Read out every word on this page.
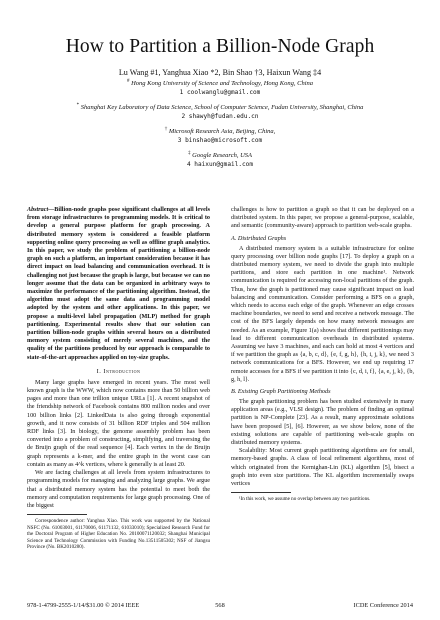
How to Partition a Billion-Node Graph
Lu Wang #1, Yanghua Xiao *2, Bin Shao †3, Haixun Wang ‡4
# Hong Kong University of Science and Technology, Hong Kong, China
1 coolwanglu@gmail.com
* Shanghai Key Laboratory of Data Science, School of Computer Science, Fudan University, Shanghai, China
2 shawyh@fudan.edu.cn
† Microsoft Research Asia, Beijing, China,
3 binshao@microsoft.com
‡ Google Research, USA
4 haixun@gmail.com

Abstract—Billion-node graphs pose significant challenges at all levels from storage infrastructures to programming models. It is critical to develop a general purpose platform for graph processing. A distributed memory system is considered a feasible platform supporting online query processing as well as offline graph analytics. In this paper, we study the problem of partitioning a billion-node graph on such a platform, an important consideration because it has direct impact on load balancing and communication overhead. It is challenging not just because the graph is large, but because we can no longer assume that the data can be organized in arbitrary ways to maximize the performance of the partitioning algorithm. Instead, the algorithm must adopt the same data and programming model adopted by the system and other applications. In this paper, we propose a multi-level label propagation (MLP) method for graph partitioning. Experimental results show that our solution can partition billion-node graphs within several hours on a distributed memory system consisting of merely several machines, and the quality of the partitions produced by our approach is comparable to state-of-the-art approaches applied on toy-size graphs.

I. Introduction

Many large graphs have emerged in recent years. The most well known graph is the WWW, which now contains more than 50 billion web pages and more than one trillion unique URLs [1]. A recent snapshot of the friendship network of Facebook contains 800 million nodes and over 100 billion links [2]. LinkedData is also going through exponential growth, and it now consists of 31 billion RDF triples and 504 million RDF links [3]. In biology, the genome assembly problem has been converted into a problem of constructing, simplifying, and traversing the de Bruijn graph of the read sequence [4]. Each vertex in the de Bruijn graph represents a k-mer, and the entire graph in the worst case can contain as many as 4^k vertices, where k generally is at least 20.

We are facing challenges at all levels from system infrastructures to programming models for managing and analyzing large graphs. We argue that a distributed memory system has the potential to meet both the memory and computation requirements for large graph processing. One of the biggest

Correspondence author: Yanghua Xiao. This work was supported by the National NSFC (No. 61003001, 61170006, 61171132, 61033010); Specialized Research Fund for the Doctoral Program of Higher Education No. 20100071120032; Shanghai Municipal Science and Technology Commission with Funding No.13511505302; NSF of Jiangsu Province (No. BK2010280).

challenges is how to partition a graph so that it can be deployed on a distributed system. In this paper, we propose a general-purpose, scalable, and semantic (community-aware) approach to partition web-scale graphs.

A. Distributed Graphs

A distributed memory system is a suitable infrastructure for online query processing over billion node graphs [17]. To deploy a graph on a distributed memory system, we need to divide the graph into multiple partitions, and store each partition in one machine¹. Network communication is required for accessing non-local partitions of the graph. Thus, how the graph is partitioned may cause significant impact on load balancing and communication. Consider performing a BFS on a graph, which needs to access each edge of the graph. Whenever an edge crosses machine boundaries, we need to send and receive a network message. The cost of the BFS largely depends on how many network messages are needed. As an example, Figure 1(a) shows that different partitionings may lead to different communication overheads in distributed systems. Assuming we have 3 machines, and each can hold at most 4 vertices and if we partition the graph as {a, b, c, d}, {e, f, g, h}, {h, i, j, k}, we need 3 network communications for a BFS. However, we end up requiring 17 remote accesses for a BFS if we partition it into {c, d, i, f}, {a, e, j, k}, {b, g, h, l}.

B. Existing Graph Partitioning Methods

The graph partitioning problem has been studied extensively in many application areas (e.g., VLSI design). The problem of finding an optimal partition is NP-Complete [23]. As a result, many approximate solutions have been proposed [5], [6]. However, as we show below, none of the existing solutions are capable of partitioning web-scale graphs on distributed memory systems.

Scalability: Most current graph partitioning algorithms are for small, memory-based graphs. A class of local refinement algorithms, most of which originated from the Kernighan-Lin (KL) algorithm [5], bisect a graph into even size partitions. The KL algorithm incrementally swaps vertices

¹In this work, we assume no overlap between any two partitions.

978-1-4799-2555-1/14/$31.00 © 2014 IEEE	568	ICDE Conference 2014
